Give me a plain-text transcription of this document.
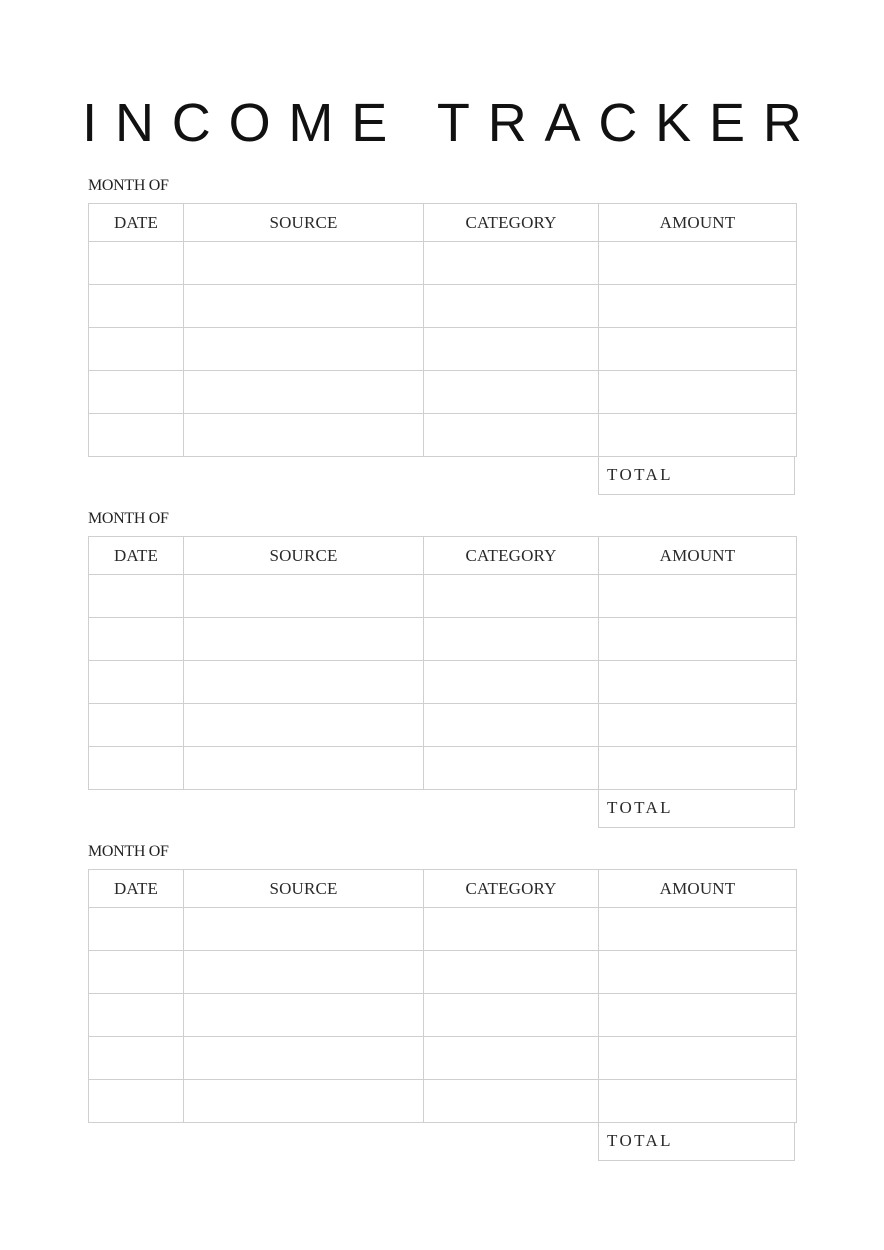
INCOME TRACKER
MONTH OF
DATE	SOURCE	CATEGORY	AMOUNT

TOTAL
MONTH OF
DATE	SOURCE	CATEGORY	AMOUNT

TOTAL
MONTH OF
DATE	SOURCE	CATEGORY	AMOUNT

TOTAL
